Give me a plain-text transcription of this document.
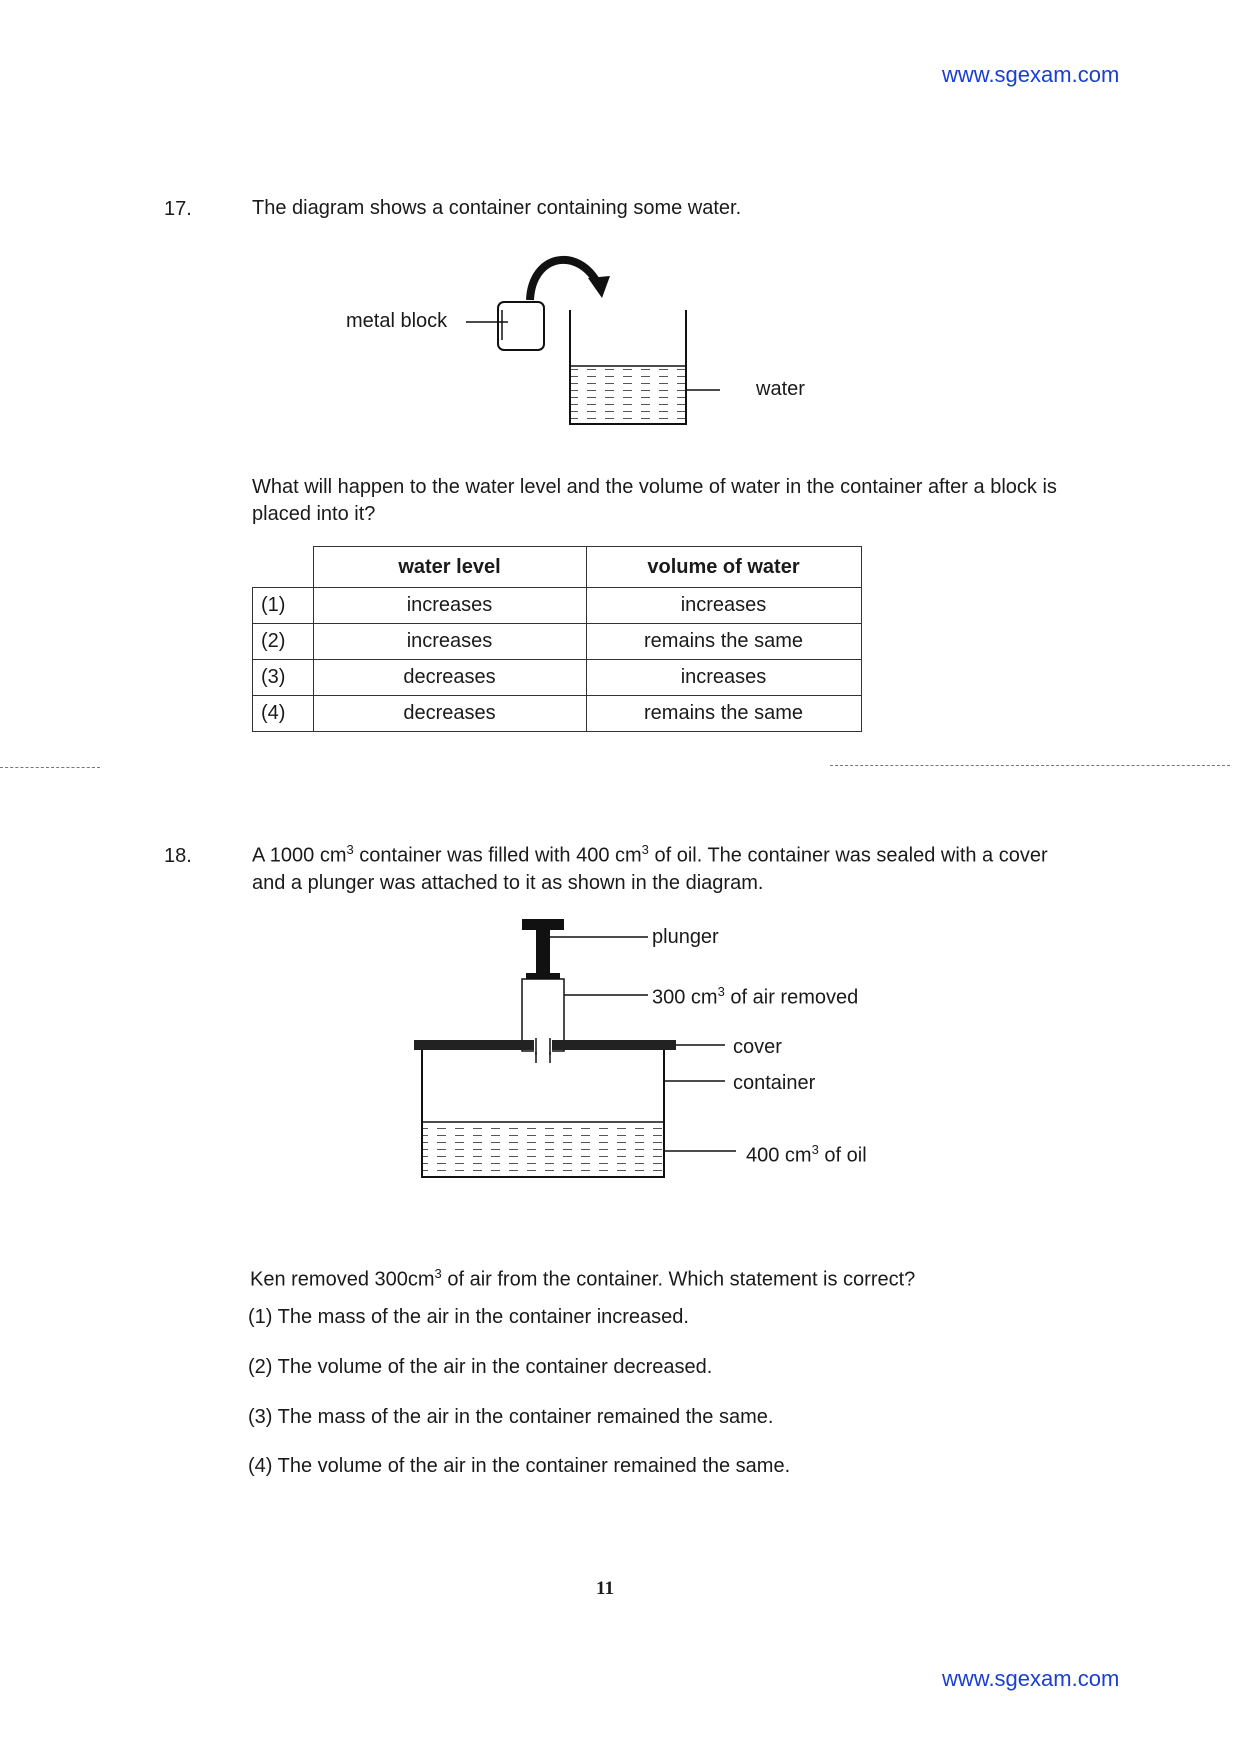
www.sgexam.com
17.	The diagram shows a container containing some water.
metal block
water
What will happen to the water level and the volume of water in the container after a block is placed into it?
	water level	volume of water
(1)	increases	increases
(2)	increases	remains the same
(3)	decreases	increases
(4)	decreases	remains the same
18.	A 1000 $cm^3$ container was filled with 400 $cm^3$ of oil. The container was sealed with a cover and a plunger was attached to it as shown in the diagram.
plunger
300 $cm^3$ of air removed
cover
container
400 $cm^3$ of oil
Ken removed $300cm^3$ of air from the container. Which statement is correct?
(1) The mass of the air in the container increased.
(2) The volume of the air in the container decreased.
(3) The mass of the air in the container remained the same.
(4) The volume of the air in the container remained the same.
11
www.sgexam.com
